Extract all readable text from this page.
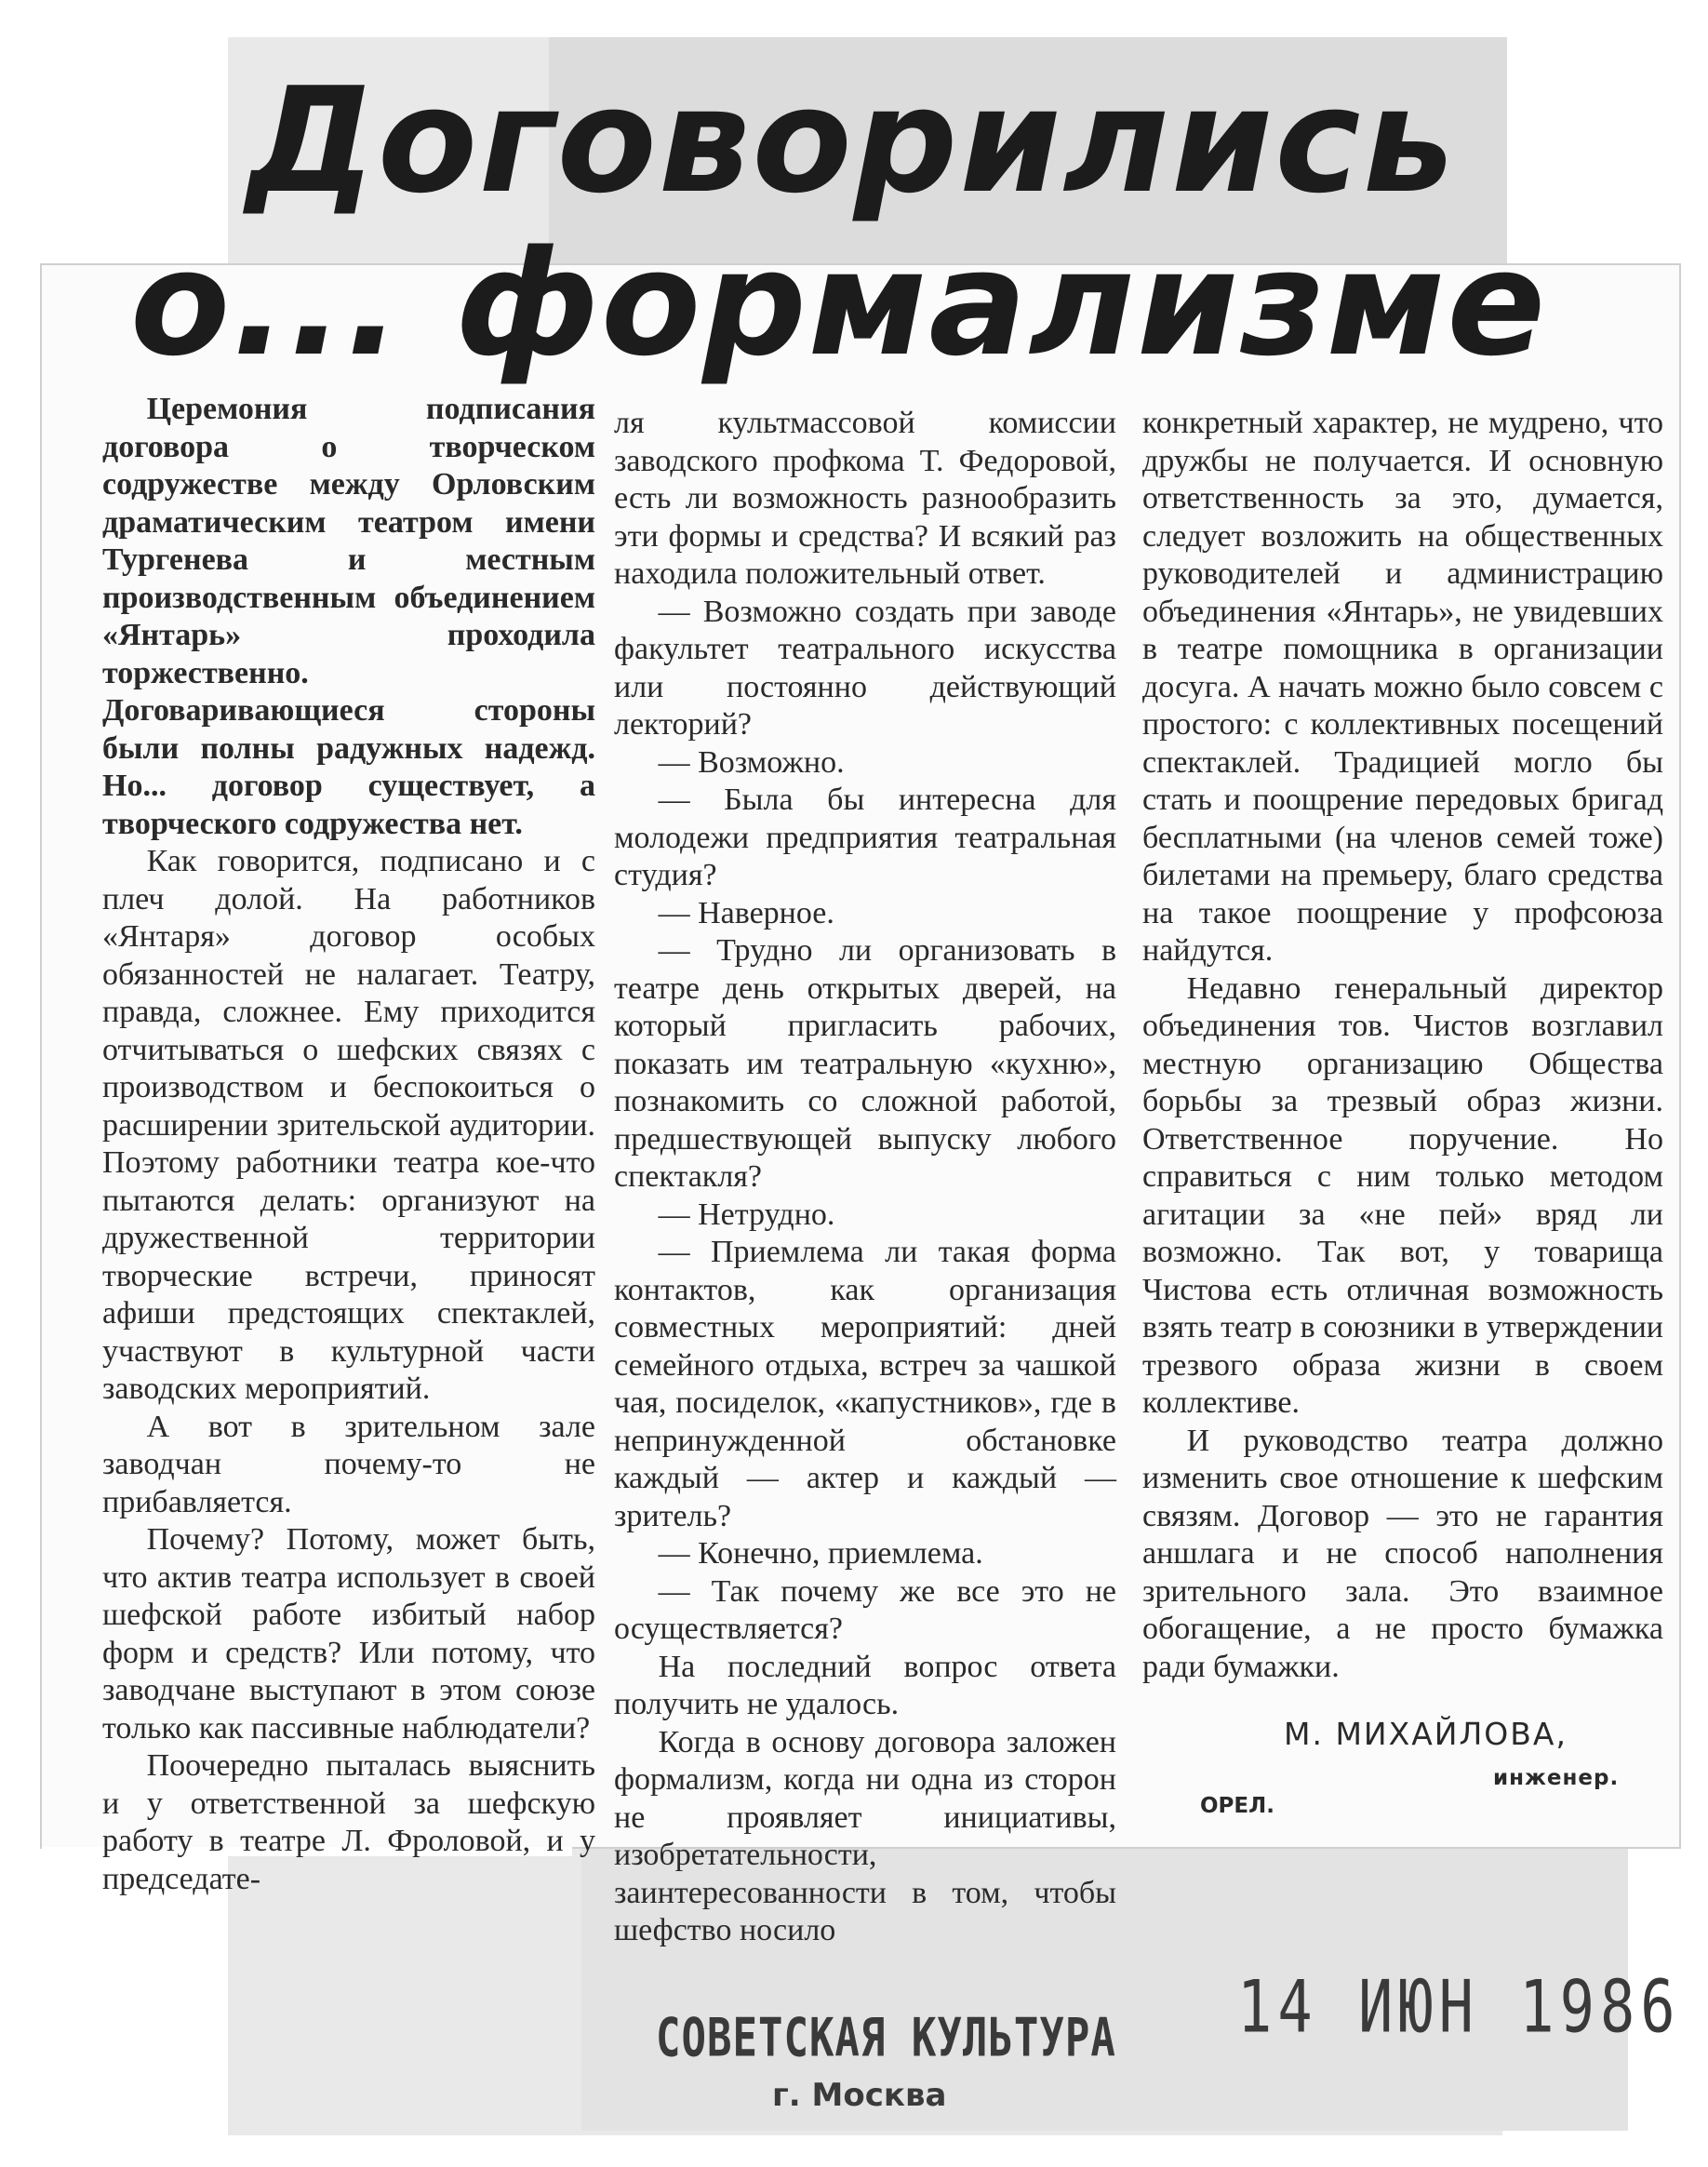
Договорились
о... формализме

Церемония подписания договора о творческом содружестве между Орловским драматическим театром имени Тургенева и местным производственным объединением «Янтарь» проходила торжественно. Договаривающиеся стороны были полны радужных надежд. Но... договор существует, а творческого содружества нет.

Как говорится, подписано и с плеч долой. На работников «Янтаря» договор особых обязанностей не налагает. Театру, правда, сложнее. Ему приходится отчитываться о шефских связях с производством и беспокоиться о расширении зрительской аудитории. Поэтому работники театра кое-что пытаются делать: организуют на дружественной территории творческие встречи, приносят афиши предстоящих спектаклей, участвуют в культурной части заводских мероприятий.

А вот в зрительном зале заводчан почему-то не прибавляется.

Почему? Потому, может быть, что актив театра использует в своей шефской работе избитый набор форм и средств? Или потому, что заводчане выступают в этом союзе только как пассивные наблюдатели?

Поочередно пыталась выяснить и у ответственной за шефскую работу в театре Л. Фроловой, и у председате-

ля культмассовой комиссии заводского профкома Т. Федоровой, есть ли возможность разнообразить эти формы и средства? И всякий раз находила положительный ответ.

— Возможно создать при заводе факультет театрального искусства или постоянно действующий лекторий?

— Возможно.

— Была бы интересна для молодежи предприятия театральная студия?

— Наверное.

— Трудно ли организовать в театре день открытых дверей, на который пригласить рабочих, показать им театральную «кухню», познакомить со сложной работой, предшествующей выпуску любого спектакля?

— Нетрудно.

— Приемлема ли такая форма контактов, как организация совместных мероприятий: дней семейного отдыха, встреч за чашкой чая, посиделок, «капустников», где в непринужденной обстановке каждый — актер и каждый — зритель?

— Конечно, приемлема.

— Так почему же все это не осуществляется?

На последний вопрос ответа получить не удалось.

Когда в основу договора заложен формализм, когда ни одна из сторон не проявляет инициативы, изобретательности, заинтересованности в том, чтобы шефство носило

конкретный характер, не мудрено, что дружбы не получается. И основную ответственность за это, думается, следует возложить на общественных руководителей и администрацию объединения «Янтарь», не увидевших в театре помощника в организации досуга. А начать можно было совсем с простого: с коллективных посещений спектаклей. Традицией могло бы стать и поощрение передовых бригад бесплатными (на членов семей тоже) билетами на премьеру, благо средства на такое поощрение у профсоюза найдутся.

Недавно генеральный директор объединения тов. Чистов возглавил местную организацию Общества борьбы за трезвый образ жизни. Ответственное поручение. Но справиться с ним только методом агитации за «не пей» вряд ли возможно. Так вот, у товарища Чистова есть отличная возможность взять театр в союзники в утверждении трезвого образа жизни в своем коллективе.

И руководство театра должно изменить свое отношение к шефским связям. Договор — это не гарантия аншлага и не способ наполнения зрительного зала. Это взаимное обогащение, а не просто бумажка ради бумажки.

М. МИХАЙЛОВА,

инженер.

ОРЕЛ.

СОВЕТСКАЯ КУЛЬТУРА

г. Москва

14 ИЮН 1986
